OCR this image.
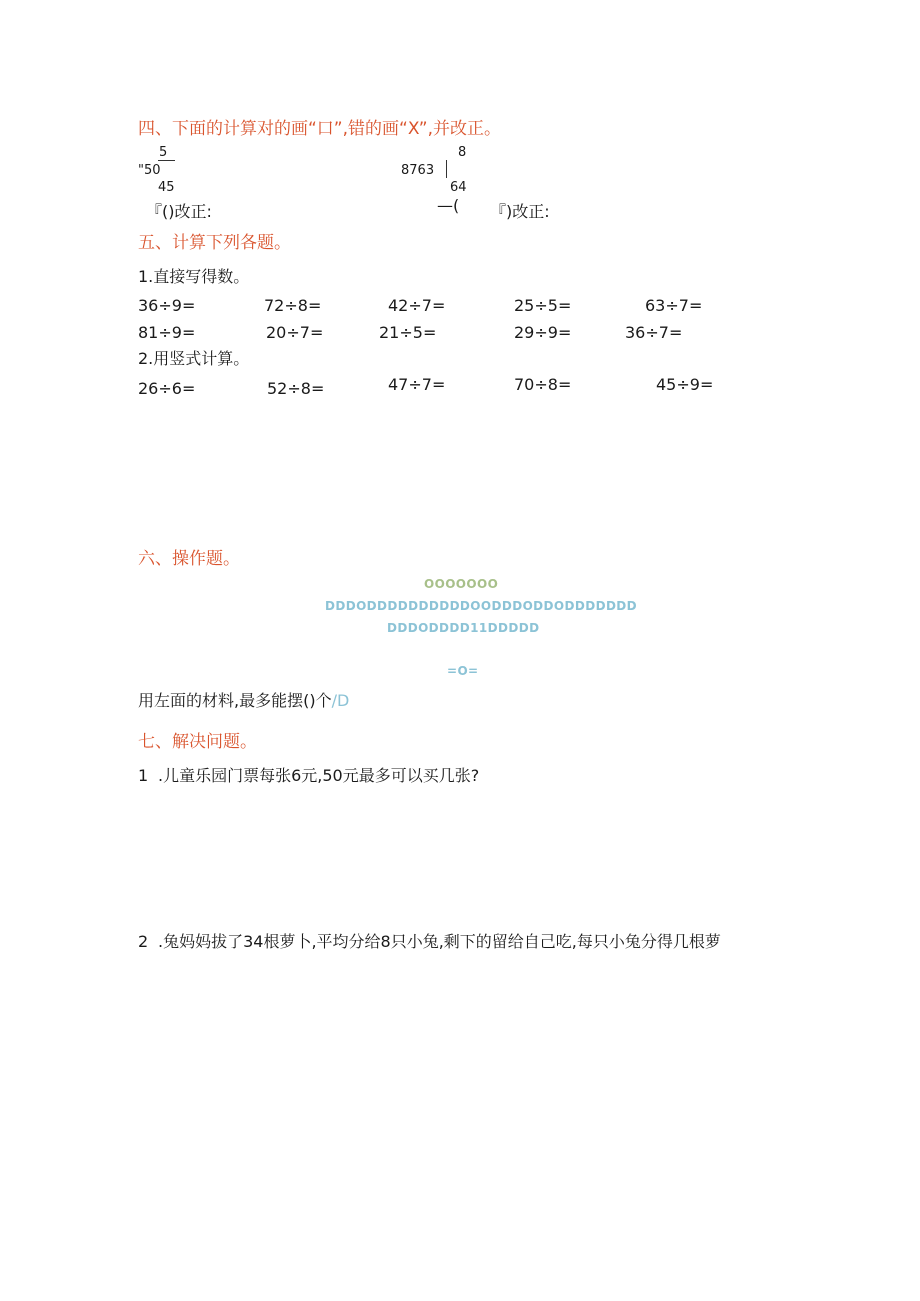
四、下面的计算对的画“口”,错的画“X”,并改正。
5
"50
45
『()改正:
8
8763
64
—( 『)改正:
五、计算下列各题。
1.直接写得数。
36÷9=	72÷8=	42÷7=	25÷5=	63÷7=
81÷9=	20÷7=	21÷5=	29÷9=	36÷7=
2.用竖式计算。
26÷6=	52÷8=	47÷7=	70÷8=	45÷9=
六、操作题。
OOOOOOO
DDDODDDDDDDDDDOODDDODDODDDDDDD
DDDODDDD11DDDDD
=O=
用左面的材料,最多能摆()个/D
七、解决问题。
1 .儿童乐园门票每张6元,50元最多可以买几张?
2 .兔妈妈拔了34根萝卜,平均分给8只小兔,剩下的留给自己吃,每只小兔分得几根萝
